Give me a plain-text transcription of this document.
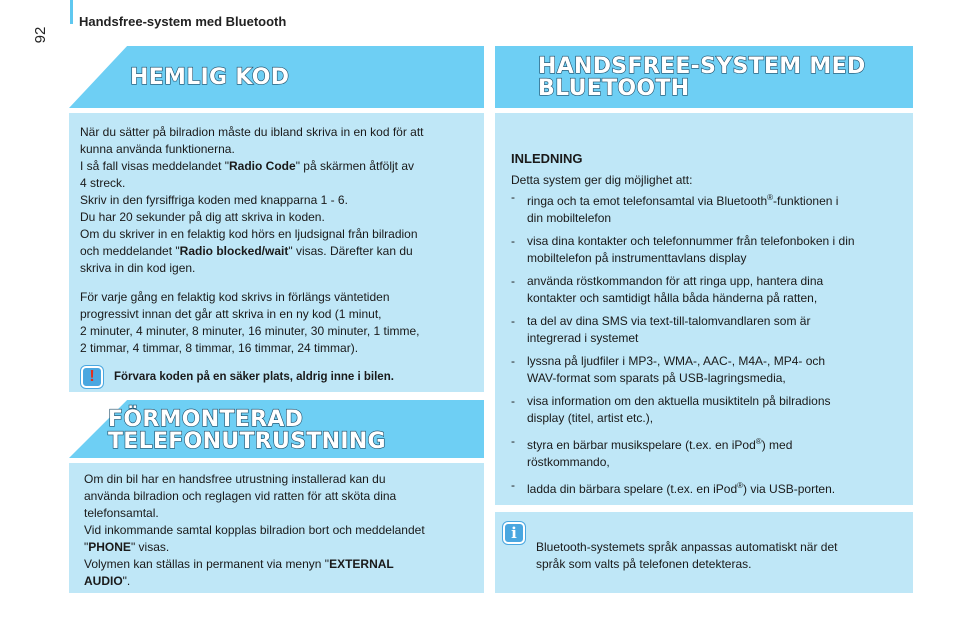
92
Handsfree-system med Bluetooth
HEMLIG KOD
När du sätter på bilradion måste du ibland skriva in en kod för att
kunna använda funktionerna.
I så fall visas meddelandet "Radio Code" på skärmen åtföljt av
4 streck.
Skriv in den fyrsiffriga koden med knapparna 1 - 6.
Du har 20 sekunder på dig att skriva in koden.
Om du skriver in en felaktig kod hörs en ljudsignal från bilradion
och meddelandet "Radio blocked/wait" visas. Därefter kan du
skriva in din kod igen.
För varje gång en felaktig kod skrivs in förlängs väntetiden
progressivt innan det går att skriva in en ny kod (1 minut,
2 minuter, 4 minuter, 8 minuter, 16 minuter, 30 minuter, 1 timme,
2 timmar, 4 timmar, 8 timmar, 16 timmar, 24 timmar).
!	Förvara koden på en säker plats, aldrig inne i bilen.
FÖRMONTERAD
TELEFONUTRUSTNING
Om din bil har en handsfree utrustning installerad kan du
använda bilradion och reglagen vid ratten för att sköta dina
telefonsamtal.
Vid inkommande samtal kopplas bilradion bort och meddelandet
"PHONE" visas.
Volymen kan ställas in permanent via menyn "EXTERNAL
AUDIO".
HANDSFREE-SYSTEM MED
BLUETOOTH
INLEDNING
Detta system ger dig möjlighet att:
- ringa och ta emot telefonsamtal via Bluetooth®-funktionen i
din mobiltelefon
- visa dina kontakter och telefonnummer från telefonboken i din
mobiltelefon på instrumenttavlans display
- använda röstkommandon för att ringa upp, hantera dina
kontakter och samtidigt hålla båda händerna på ratten,
- ta del av dina SMS via text-till-talomvandlaren som är
integrerad i systemet
- lyssna på ljudfiler i MP3-, WMA-, AAC-, M4A-, MP4- och
WAV-format som sparats på USB-lagringsmedia,
- visa information om den aktuella musiktiteln på bilradions
display (titel, artist etc.),
- styra en bärbar musikspelare (t.ex. en iPod®) med
röstkommando,
- ladda din bärbara spelare (t.ex. en iPod®) via USB-porten.
i
Bluetooth-systemets språk anpassas automatiskt när det
språk som valts på telefonen detekteras.
